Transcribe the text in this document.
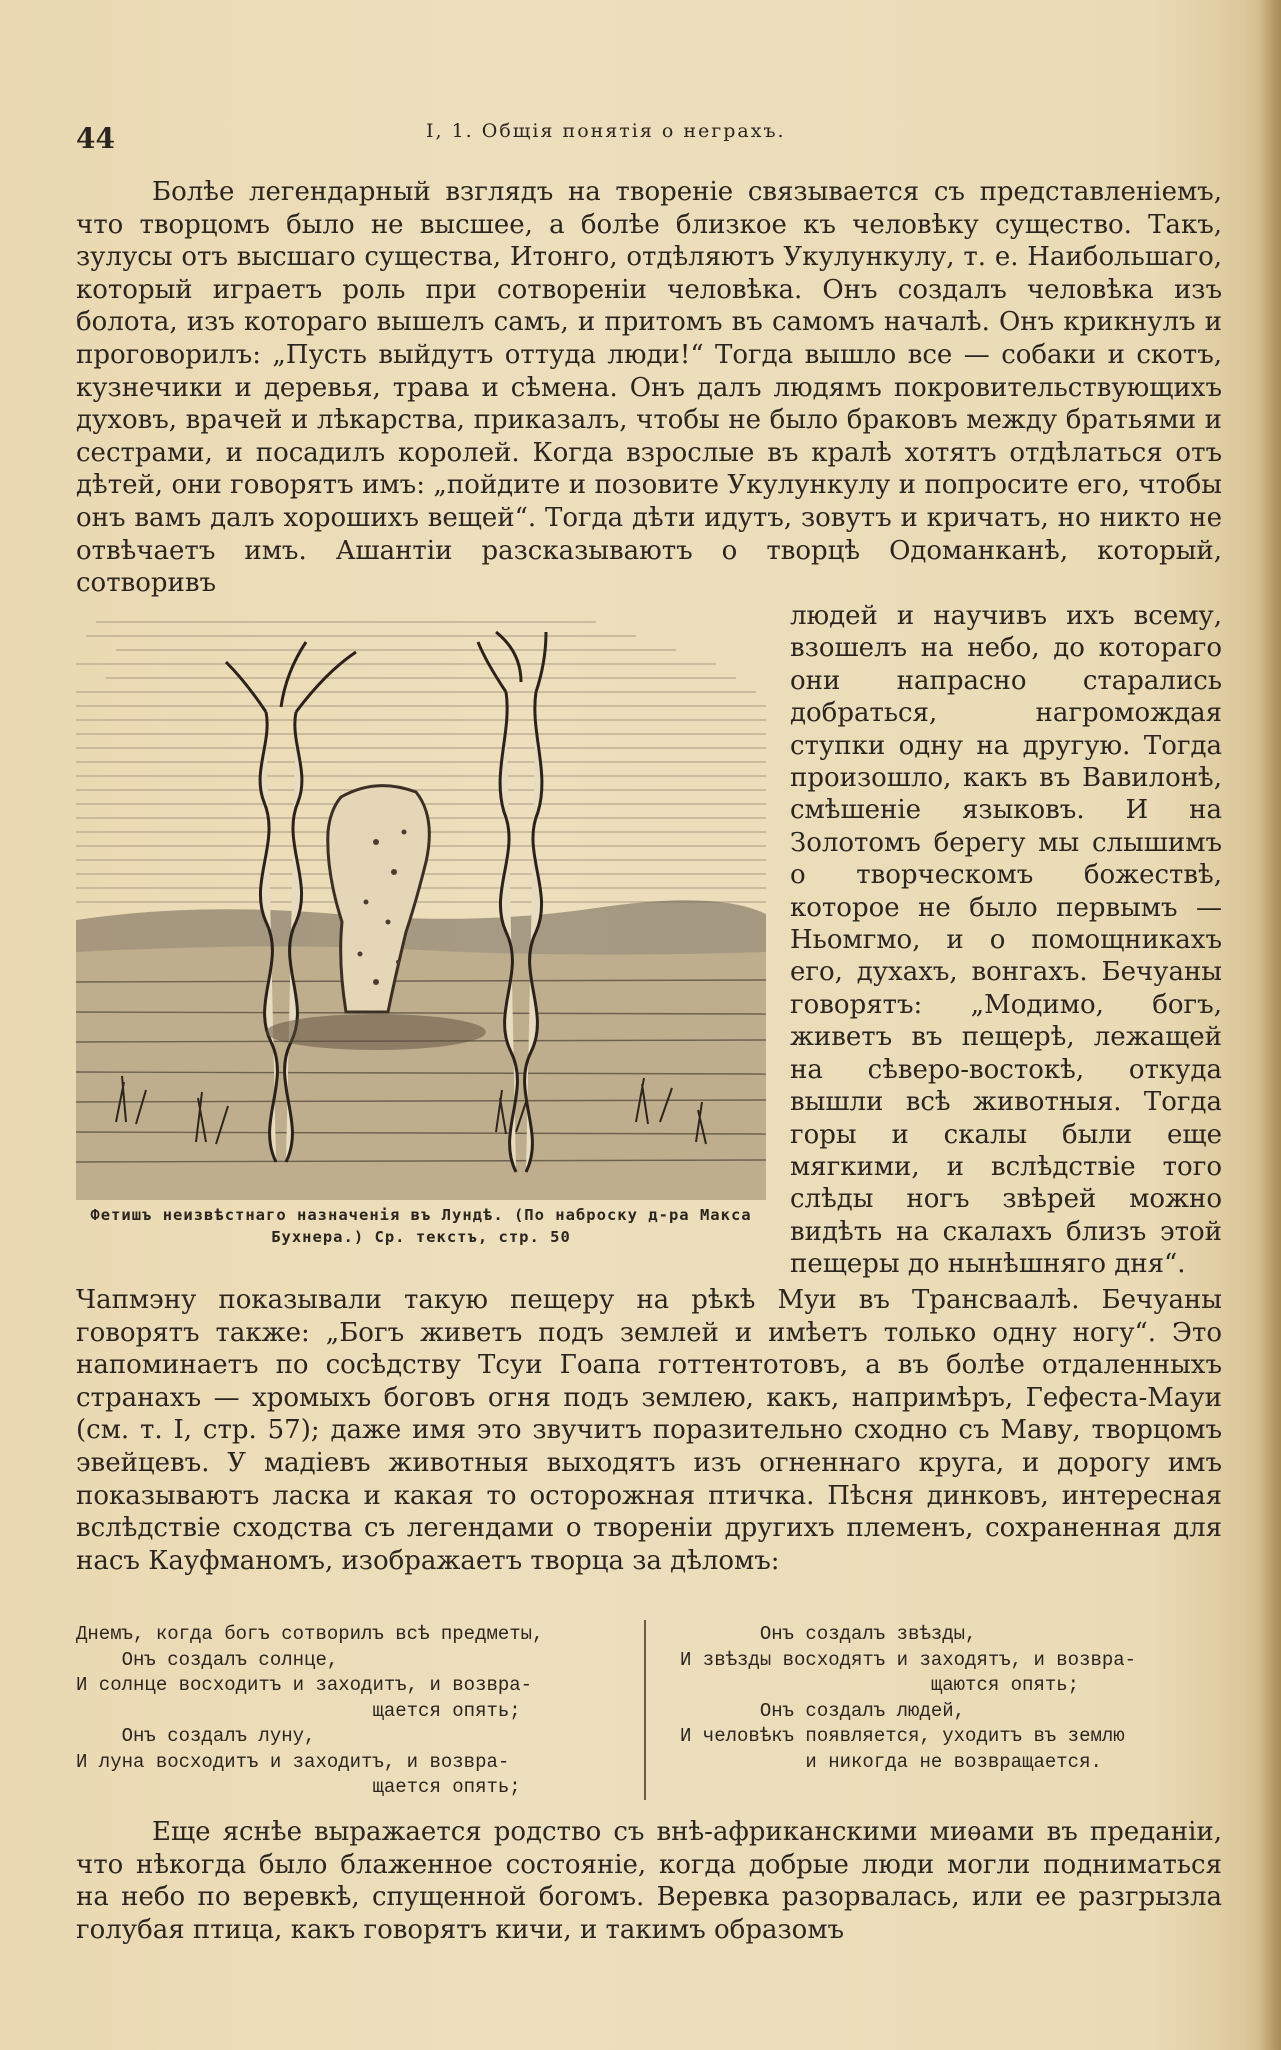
44	I, 1. Общія понятія о неграхъ.
Болѣе легендарный взглядъ на твореніе связывается съ представленіемъ, что творцомъ было не высшее, а болѣе близкое къ человѣку существо. Такъ, зулусы отъ высшаго существа, Итонго, отдѣляютъ Укулункулу, т. е. Наибольшаго, который играетъ роль при сотвореніи человѣка. Онъ создалъ человѣка изъ болота, изъ котораго вышелъ самъ, и притомъ въ самомъ началѣ. Онъ крикнулъ и проговорилъ: „Пусть выйдутъ оттуда люди!“ Тогда вышло все — собаки и скотъ, кузнечики и деревья, трава и сѣмена. Онъ далъ людямъ покровительствующихъ духовъ, врачей и лѣкарства, приказалъ, чтобы не было браковъ между братьями и сестрами, и посадилъ королей. Когда взрослые въ кралѣ хотятъ отдѣлаться отъ дѣтей, они говорятъ имъ: „пойдите и позовите Укулункулу и попросите его, чтобы онъ вамъ далъ хорошихъ вещей“. Тогда дѣти идутъ, зовутъ и кричатъ, но никто не отвѣчаетъ имъ. Ашантіи разсказываютъ о творцѣ Одоманканѣ, который, сотворивъ
Фетишъ неизвѣстнаго назначенія въ Лундѣ. (По наброску д-ра Макса Бухнера.) Ср. текстъ, стр. 50
людей и научивъ ихъ всему, взошелъ на небо, до котораго они напрасно старались добраться, нагромождая ступки одну на другую. Тогда произошло, какъ въ Вавилонѣ, смѣшеніе языковъ. И на Золотомъ берегу мы слышимъ о творческомъ божествѣ, которое не было первымъ — Ньомгмо, и о помощникахъ его, духахъ, вонгахъ. Бечуаны говорятъ: „Модимо, богъ, живетъ въ пещерѣ, лежащей на сѣверо-востокѣ, откуда вышли всѣ животныя. Тогда горы и скалы были еще мягкими, и вслѣдствіе того слѣды ногъ звѣрей можно видѣть на скалахъ близъ этой пещеры до нынѣшняго дня“.
Чапмэну показывали такую пещеру на рѣкѣ Муи въ Трансваалѣ. Бечуаны говорятъ также: „Богъ живетъ подъ землей и имѣетъ только одну ногу“. Это напоминаетъ по сосѣдству Тсуи Гоапа готтентотовъ, а въ болѣе отдаленныхъ странахъ — хромыхъ боговъ огня подъ землею, какъ, напримѣръ, Гефеста-Мауи (см. т. I, стр. 57); даже имя это звучитъ поразительно сходно съ Маву, творцомъ эвейцевъ. У мадіевъ животныя выходятъ изъ огненнаго круга, и дорогу имъ показываютъ ласка и какая то осторожная птичка. Пѣсня динковъ, интересная вслѣдствіе сходства съ легендами о твореніи другихъ племенъ, сохраненная для насъ Кауфманомъ, изображаетъ творца за дѣломъ:
Днемъ, когда богъ сотворилъ всѣ предметы,
Онъ создалъ солнце,
И солнце восходитъ и заходитъ, и возвра-
щается опять;
Онъ создалъ луну,
И луна восходитъ и заходитъ, и возвра-
щается опять;
Онъ создалъ звѣзды,
И звѣзды восходятъ и заходятъ, и возвра-
щаются опять;
Онъ создалъ людей,
И человѣкъ появляется, уходитъ въ землю
и никогда не возвращается.
Еще яснѣе выражается родство съ внѣ-африканскими миѳами въ преданіи, что нѣкогда было блаженное состояніе, когда добрые люди могли подниматься на небо по веревкѣ, спущенной богомъ. Веревка разорвалась, или ее разгрызла голубая птица, какъ говорятъ кичи, и такимъ образомъ
